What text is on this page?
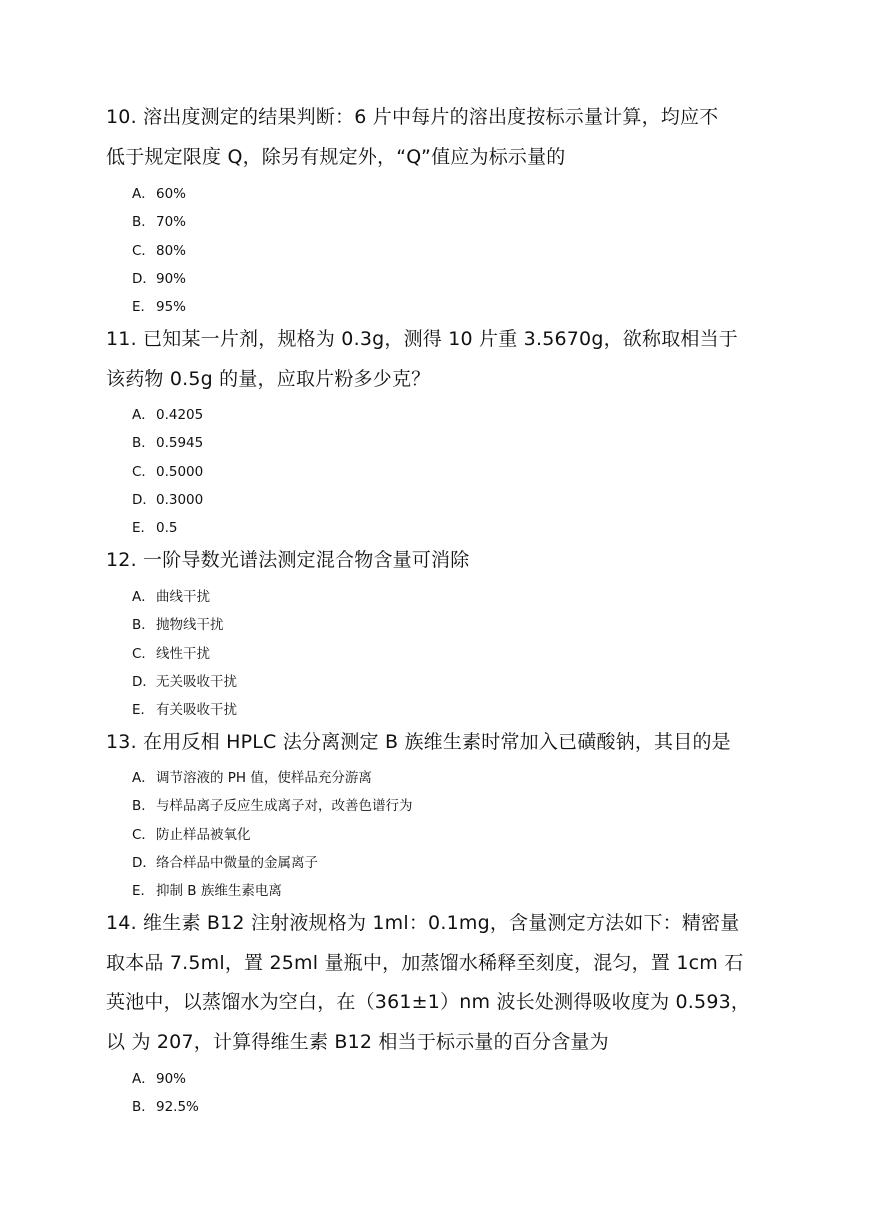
10. 溶出度测定的结果判断：6 片中每片的溶出度按标示量计算，均应不
低于规定限度 Q，除另有规定外，“Q”值应为标示量的
A．60%
B．70%
C．80%
D．90%
E． 95%
11. 已知某一片剂，规格为 0.3g，测得 10 片重 3.5670g，欲称取相当于
该药物 0.5g 的量，应取片粉多少克？
A．0.4205
B．0.5945
C．0.5000
D．0.3000
E． 0.5
12. 一阶导数光谱法测定混合物含量可消除
A．曲线干扰
B．抛物线干扰
C．线性干扰
D．无关吸收干扰
E． 有关吸收干扰
13. 在用反相 HPLC 法分离测定 B 族维生素时常加入已磺酸钠，其目的是
A．调节溶液的 PH 值，使样品充分游离
B．与样品离子反应生成离子对，改善色谱行为
C．防止样品被氧化
D．络合样品中微量的金属离子
E． 抑制 B 族维生素电离
14. 维生素 B12 注射液规格为 1ml：0.1mg，含量测定方法如下：精密量
取本品 7.5ml，置 25ml 量瓶中，加蒸馏水稀释至刻度，混匀，置 1cm 石
英池中，以蒸馏水为空白，在（361±1）nm 波长处测得吸收度为 0.593，
以 为 207，计算得维生素 B12 相当于标示量的百分含量为
A．90%
B．92.5%
